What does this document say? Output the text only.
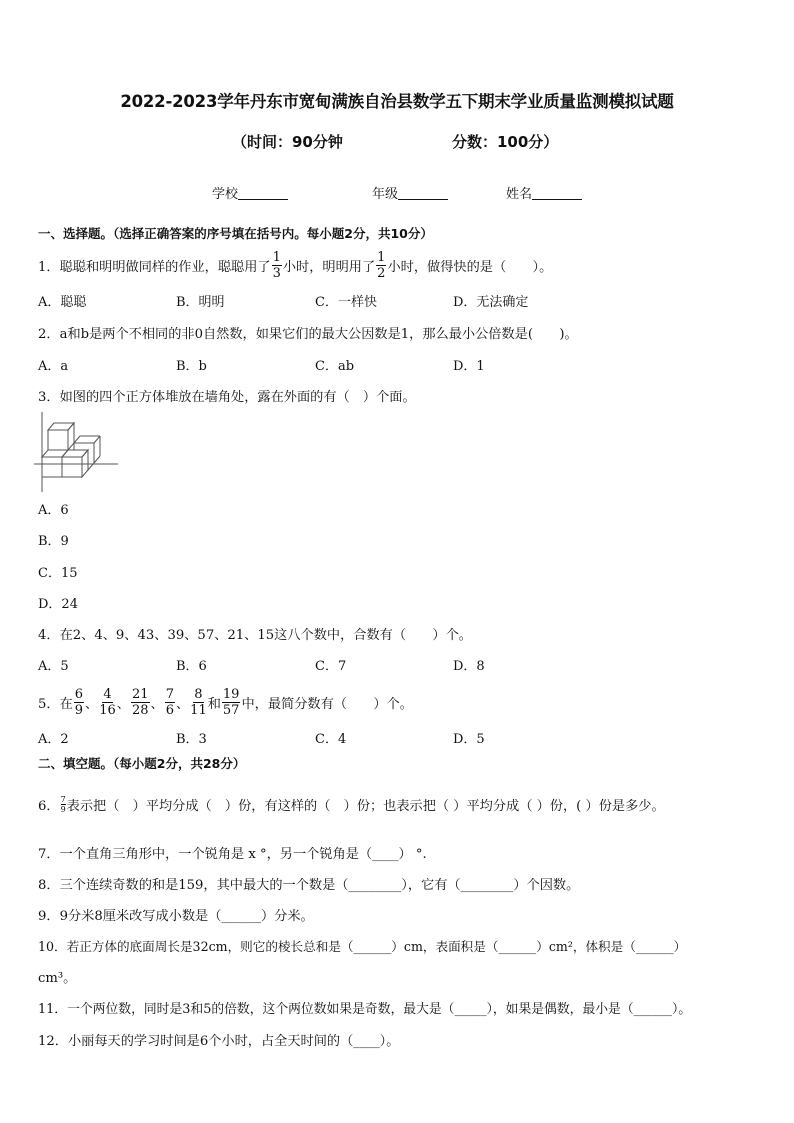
2022-2023学年丹东市宽甸满族自治县数学五下期末学业质量监测模拟试题
（时间：90分钟	分数：100分）
学校	年级	姓名
一、选择题。（选择正确答案的序号填在括号内。每小题2分，共10分）
1．聪聪和明明做同样的作业，聪聪用了 $\frac{1}{3}$ 小时，明明用了 $\frac{1}{2}$ 小时，做得快的是（　　）。
A．聪聪	B．明明	C．一样快	D．无法确定
2．a和b是两个不相同的非0自然数，如果它们的最大公因数是1，那么最小公倍数是(　　)。
A．a	B．b	C．ab	D．1
3．如图的四个正方体堆放在墙角处，露在外面的有（　）个面。
A．6
B．9
C．15
D．24
4．在2、4、9、43、39、57、21、15这八个数中，合数有（　　）个。
A．5	B．6	C．7	D．8
5．在 $\frac{6}{9}$ 、 $\frac{4}{16}$ 、 $\frac{21}{28}$ 、 $\frac{7}{6}$ 、 $\frac{8}{11}$ 和 $\frac{19}{57}$ 中，最简分数有（　　）个。
A．2	B．3	C．4	D．5
二、填空题。（每小题2分，共28分）
6． $\frac{7}{9}$ 表示把（　）平均分成（　）份，有这样的（　）份；也表示把（ ）平均分成（ ）份，( ）份是多少。
7．一个直角三角形中，一个锐角是 x °，另一个锐角是（____） °.
8．三个连续奇数的和是159，其中最大的一个数是（________），它有（________）个因数。
9．9分米8厘米改写成小数是（______）分米。
10．若正方体的底面周长是32cm，则它的棱长总和是（______）cm，表面积是（______）cm²，体积是（______）
cm³。
11．一个两位数，同时是3和5的倍数，这个两位数如果是奇数，最大是（_____），如果是偶数，最小是（______）。
12．小丽每天的学习时间是6个小时，占全天时间的（____）。
